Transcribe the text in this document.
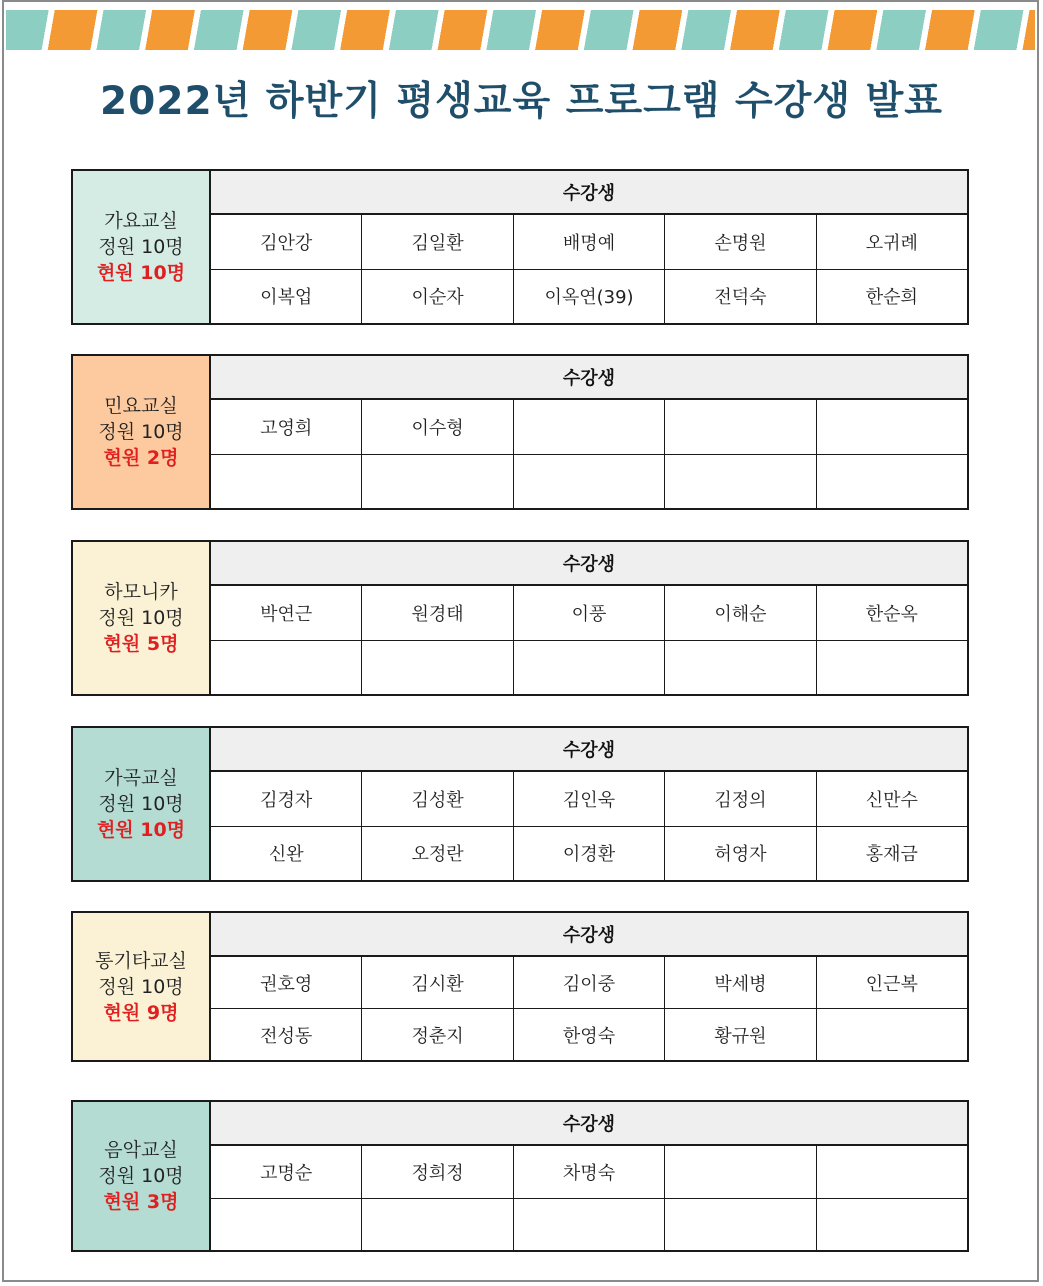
2022년 하반기 평생교육 프로그램 수강생 발표
가요교실
정원 10명
현원 10명
수강생
김안강	김일환	배명예	손명원	오귀례
이복업	이순자	이옥연(39)	전덕숙	한순희
민요교실
정원 10명
현원 2명
수강생
고영희	이수형
하모니카
정원 10명
현원 5명
수강생
박연근	원경태	이풍	이해순	한순옥
가곡교실
정원 10명
현원 10명
수강생
김경자	김성환	김인욱	김정의	신만수
신완	오정란	이경환	허영자	홍재금
통기타교실
정원 10명
현원 9명
수강생
권호영	김시환	김이중	박세병	인근복
전성동	정춘지	한영숙	황규원
음악교실
정원 10명
현원 3명
수강생
고명순	정희정	차명숙
